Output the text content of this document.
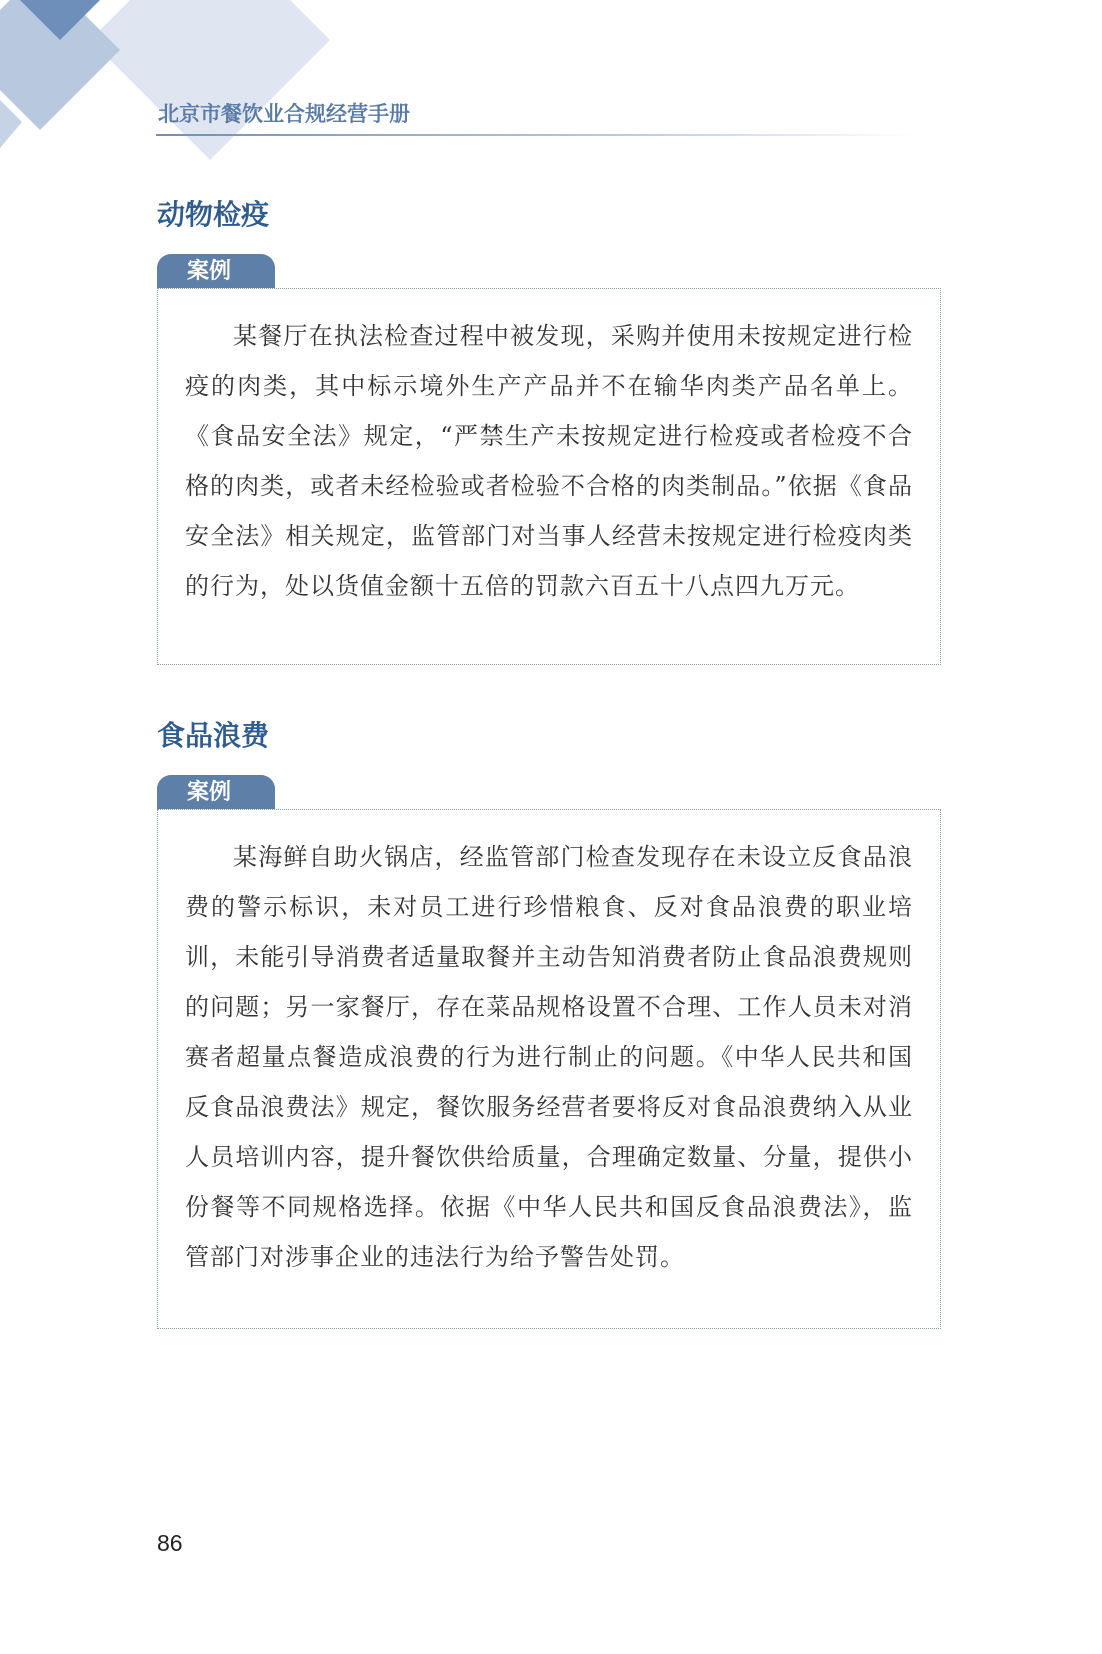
北京市餐饮业合规经营手册
动物检疫
案例

某餐厅在执法检查过程中被发现，采购并使用未按规定进行检疫的肉类，其中标示境外生产产品并不在输华肉类产品名单上。《食品安全法》规定，“严禁生产未按规定进行检疫或者检疫不合格的肉类，或者未经检验或者检验不合格的肉类制品。”依据《食品安全法》相关规定，监管部门对当事人经营未按规定进行检疫肉类的行为，处以货值金额十五倍的罚款六百五十八点四九万元。

食品浪费
案例

某海鲜自助火锅店，经监管部门检查发现存在未设立反食品浪费的警示标识，未对员工进行珍惜粮食、反对食品浪费的职业培训，未能引导消费者适量取餐并主动告知消费者防止食品浪费规则的问题；另一家餐厅，存在菜品规格设置不合理、工作人员未对消赛者超量点餐造成浪费的行为进行制止的问题。《中华人民共和国反食品浪费法》规定，餐饮服务经营者要将反对食品浪费纳入从业人员培训内容，提升餐饮供给质量，合理确定数量、分量，提供小份餐等不同规格选择。依据《中华人民共和国反食品浪费法》，监管部门对涉事企业的违法行为给予警告处罚。

86
